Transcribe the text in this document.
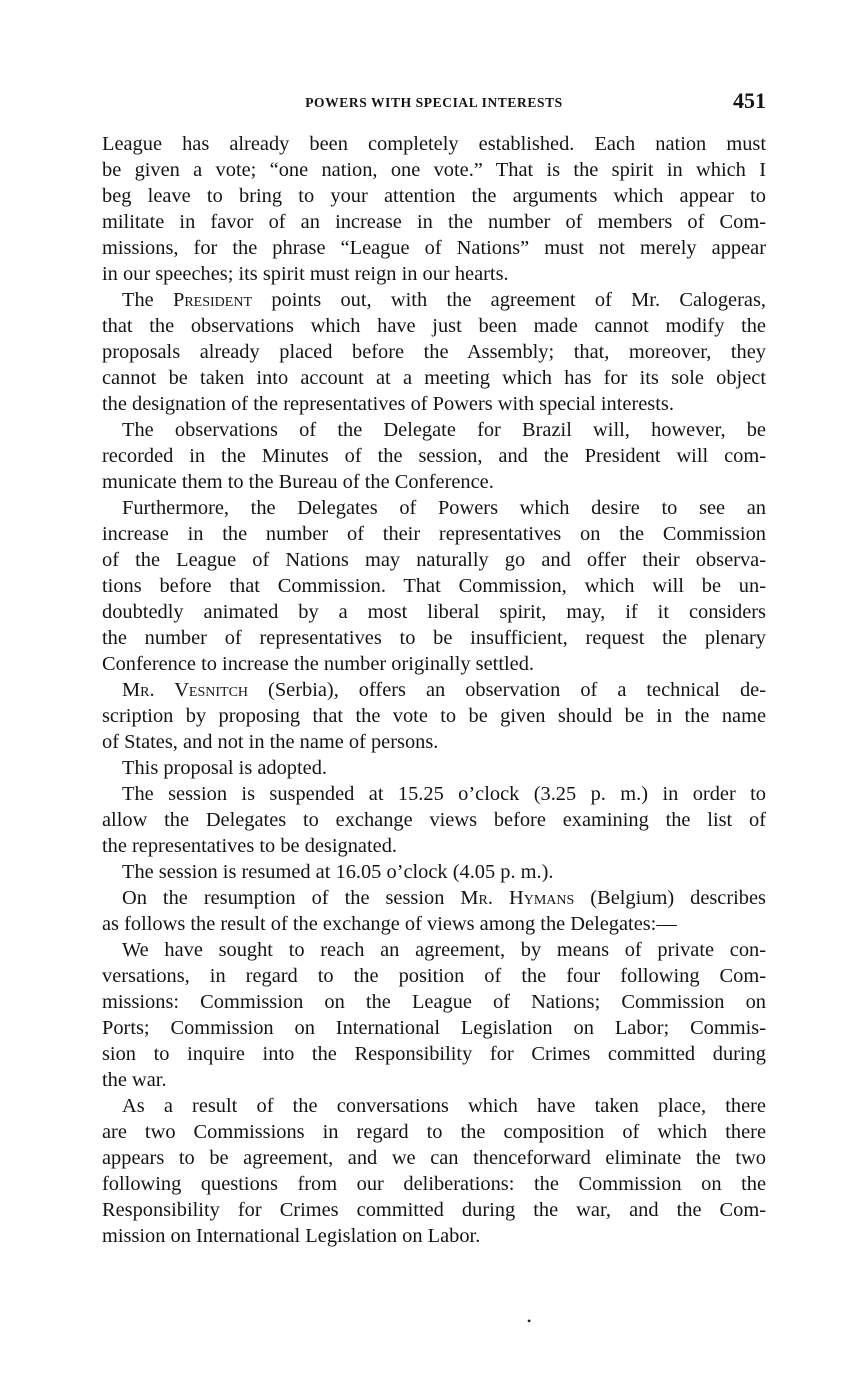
POWERS WITH SPECIAL INTERESTS	451
League has already been completely established. Each nation must
be given a vote; “one nation, one vote.” That is the spirit in which I
beg leave to bring to your attention the arguments which appear to
militate in favor of an increase in the number of members of Com-
missions, for the phrase “League of Nations” must not merely appear
in our speeches; its spirit must reign in our hearts.
The President points out, with the agreement of Mr. Calogeras,
that the observations which have just been made cannot modify the
proposals already placed before the Assembly; that, moreover, they
cannot be taken into account at a meeting which has for its sole object
the designation of the representatives of Powers with special interests.
The observations of the Delegate for Brazil will, however, be
recorded in the Minutes of the session, and the President will com-
municate them to the Bureau of the Conference.
Furthermore, the Delegates of Powers which desire to see an
increase in the number of their representatives on the Commission
of the League of Nations may naturally go and offer their observa-
tions before that Commission. That Commission, which will be un-
doubtedly animated by a most liberal spirit, may, if it considers
the number of representatives to be insufficient, request the plenary
Conference to increase the number originally settled.
Mr. Vesnitch (Serbia), offers an observation of a technical de-
scription by proposing that the vote to be given should be in the name
of States, and not in the name of persons.
This proposal is adopted.
The session is suspended at 15.25 o’clock (3.25 p. m.) in order to
allow the Delegates to exchange views before examining the list of
the representatives to be designated.
The session is resumed at 16.05 o’clock (4.05 p. m.).
On the resumption of the session Mr. Hymans (Belgium) describes
as follows the result of the exchange of views among the Delegates:—
We have sought to reach an agreement, by means of private con-
versations, in regard to the position of the four following Com-
missions: Commission on the League of Nations; Commission on
Ports; Commission on International Legislation on Labor; Commis-
sion to inquire into the Responsibility for Crimes committed during
the war.
As a result of the conversations which have taken place, there
are two Commissions in regard to the composition of which there
appears to be agreement, and we can thenceforward eliminate the two
following questions from our deliberations: the Commission on the
Responsibility for Crimes committed during the war, and the Com-
mission on International Legislation on Labor.
•
